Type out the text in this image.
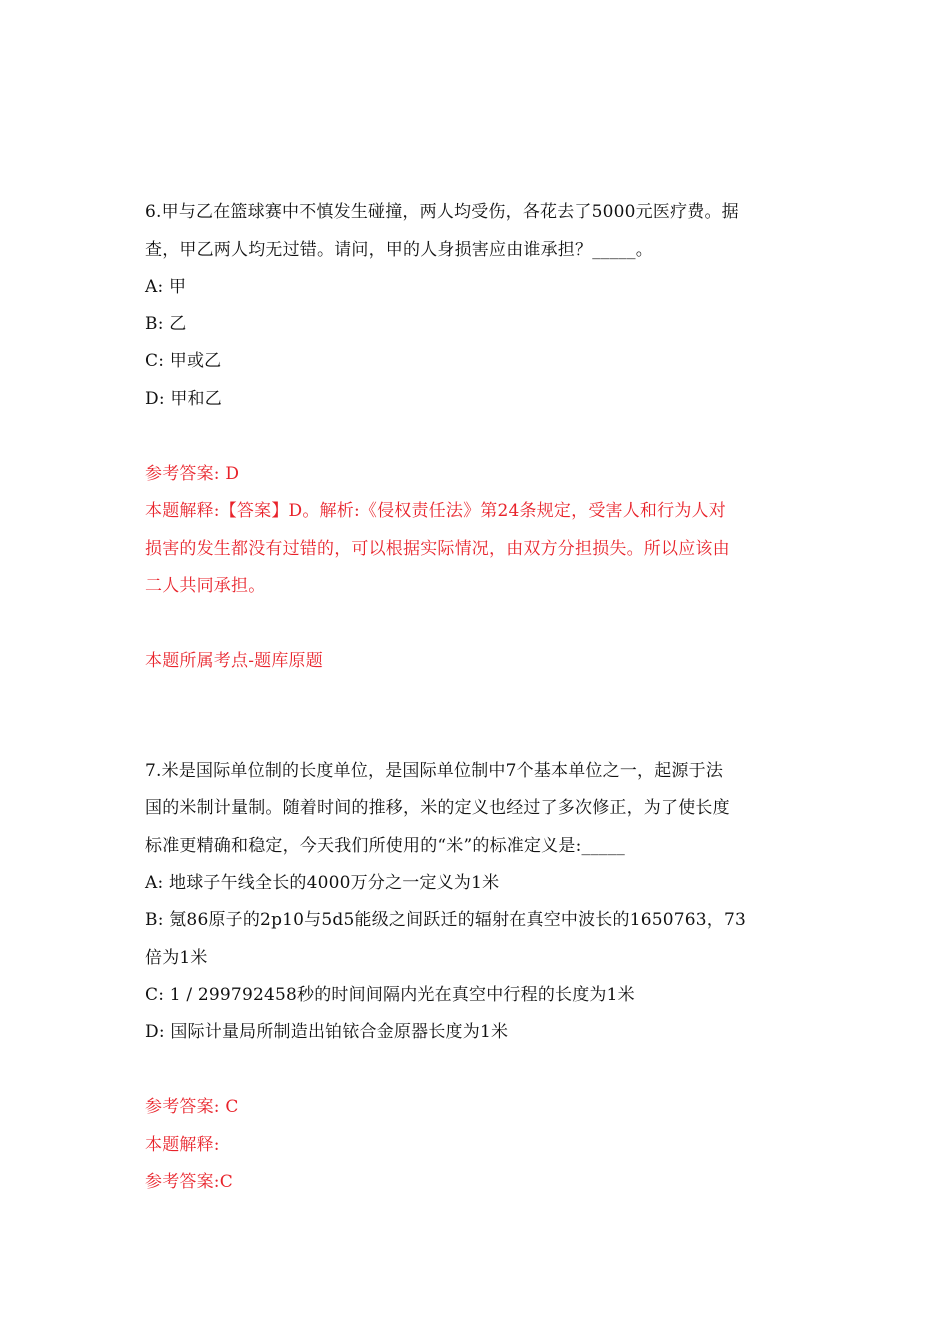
6.甲与乙在篮球赛中不慎发生碰撞，两人均受伤，各花去了5000元医疗费。据
查，甲乙两人均无过错。请问，甲的人身损害应由谁承担？_____。
A: 甲
B: 乙
C: 甲或乙
D: 甲和乙
参考答案: D
本题解释:【答案】D。解析:《侵权责任法》第24条规定，受害人和行为人对
损害的发生都没有过错的，可以根据实际情况，由双方分担损失。所以应该由
二人共同承担。
本题所属考点-题库原题
7.米是国际单位制的长度单位，是国际单位制中7个基本单位之一，起源于法
国的米制计量制。随着时间的推移，米的定义也经过了多次修正，为了使长度
标准更精确和稳定，今天我们所使用的“米”的标准定义是:_____
A: 地球子午线全长的4000万分之一定义为1米
B: 氪86原子的2p10与5d5能级之间跃迁的辐射在真空中波长的1650763，73
倍为1米
C: 1 / 299792458秒的时间间隔内光在真空中行程的长度为1米
D: 国际计量局所制造出铂铱合金原器长度为1米
参考答案: C
本题解释:
参考答案:C
